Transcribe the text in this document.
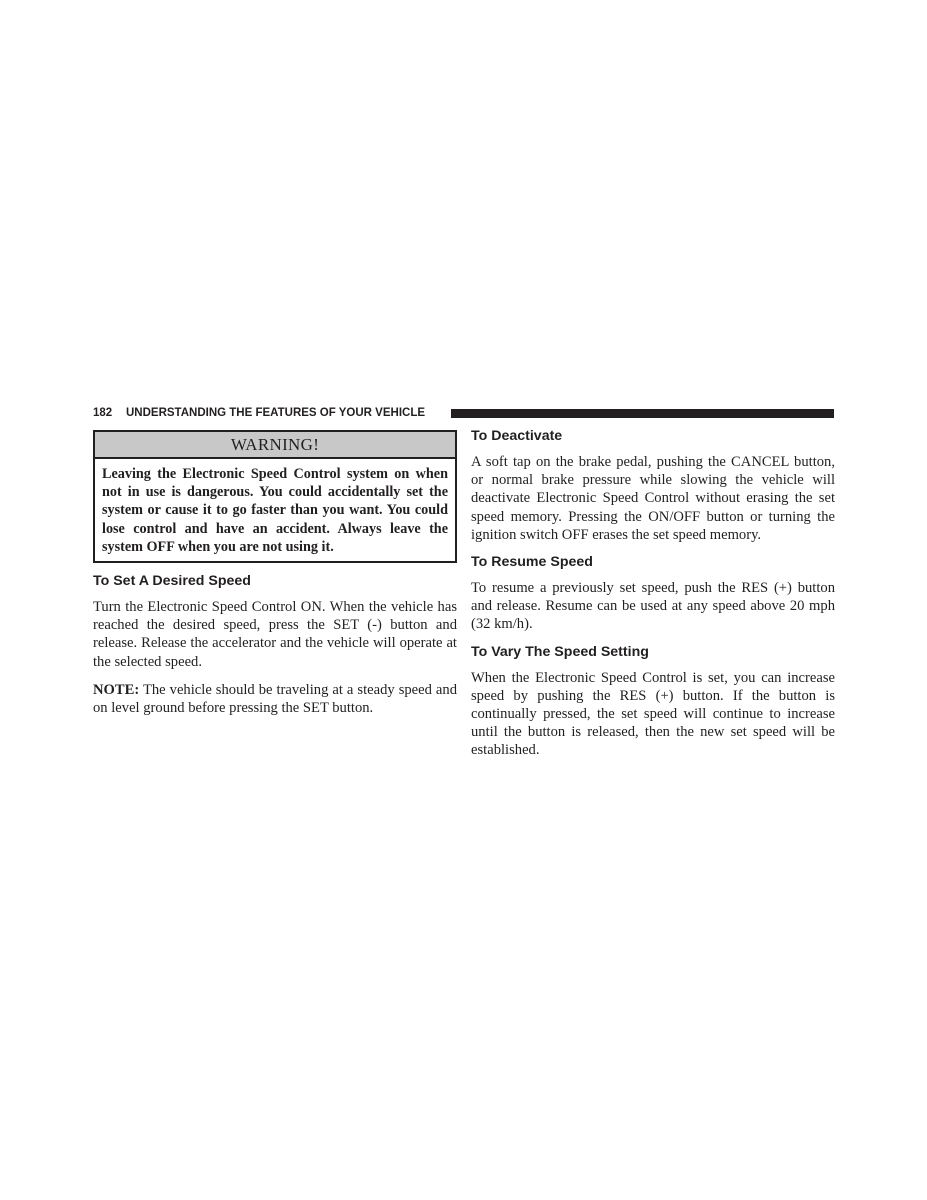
182 UNDERSTANDING THE FEATURES OF YOUR VEHICLE
WARNING!
Leaving the Electronic Speed Control system on when not in use is dangerous. You could accidentally set the system or cause it to go faster than you want. You could lose control and have an accident. Always leave the system OFF when you are not using it.
To Set A Desired Speed

Turn the Electronic Speed Control ON. When the vehicle has reached the desired speed, press the SET (-) button and release. Release the accelerator and the vehicle will operate at the selected speed.

NOTE: The vehicle should be traveling at a steady speed and on level ground before pressing the SET button.

To Deactivate

A soft tap on the brake pedal, pushing the CANCEL button, or normal brake pressure while slowing the vehicle will deactivate Electronic Speed Control without erasing the set speed memory. Pressing the ON/OFF button or turning the ignition switch OFF erases the set speed memory.

To Resume Speed

To resume a previously set speed, push the RES (+) button and release. Resume can be used at any speed above 20 mph (32 km/h).

To Vary The Speed Setting

When the Electronic Speed Control is set, you can increase speed by pushing the RES (+) button. If the button is continually pressed, the set speed will continue to increase until the button is released, then the new set speed will be established.
